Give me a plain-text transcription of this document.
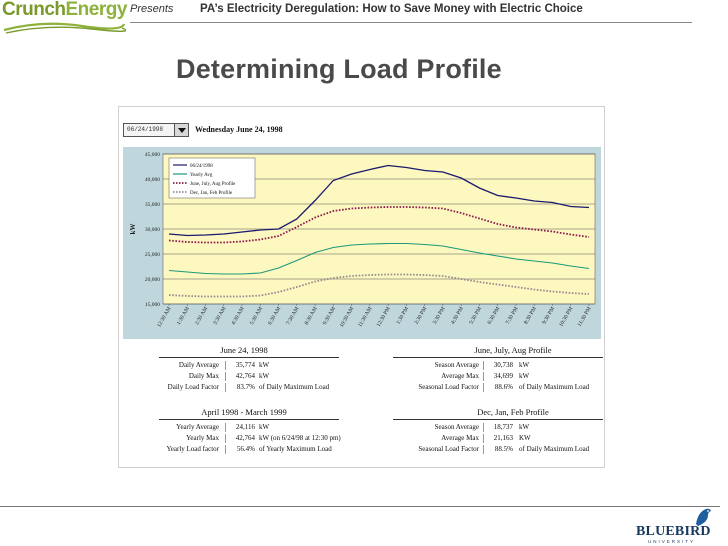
CrunchEnergy Presents PA’s Electricity Deregulation: How to Save Money with Electric Choice
Determining Load Profile
06/24/1998	Wednesday June 24, 1998
15,000
20,000
25,000
30,000
35,000
40,000
45,000
kW
12:30 AM 1:30 AM 2:30 AM 3:30 AM 4:30 AM 5:30 AM 6:30 AM 7:30 AM 8:30 AM 9:30 AM 10:30 AM 11:30 AM 12:30 PM 1:30 PM 2:30 PM 3:30 PM 4:30 PM 5:30 PM 6:30 PM 7:30 PM 8:30 PM 9:30 PM 10:30 PM 11:30 PM
06/24/1998
Yearly Avg
June, July, Aug Profile
Dec, Jan, Feb Profile
June 24, 1998	June, July, Aug Profile
April 1998 - March 1999	Dec, Jan, Feb Profile
Daily Average	35,774 kW
Daily Max	42,764 kW
Daily Load Factor	83.7% of Daily Maximum Load
Season Average	30,738 kW
Average Max	34,699 kW
Seasonal Load Factor	88.6% of Daily Maximum Load
Yearly Average	24,116 kW
Yearly Max	42,764 kW (on 6/24/98 at 12:30 pm)
Yearly Load factor	56.4% of Yearly Maximum Load
Season Average	18,737 kW
Average Max	21,163 KW
Seasonal Load Factor	88.5% of Daily Maximum Load
BLUEBIRD
UNIVERSITY
